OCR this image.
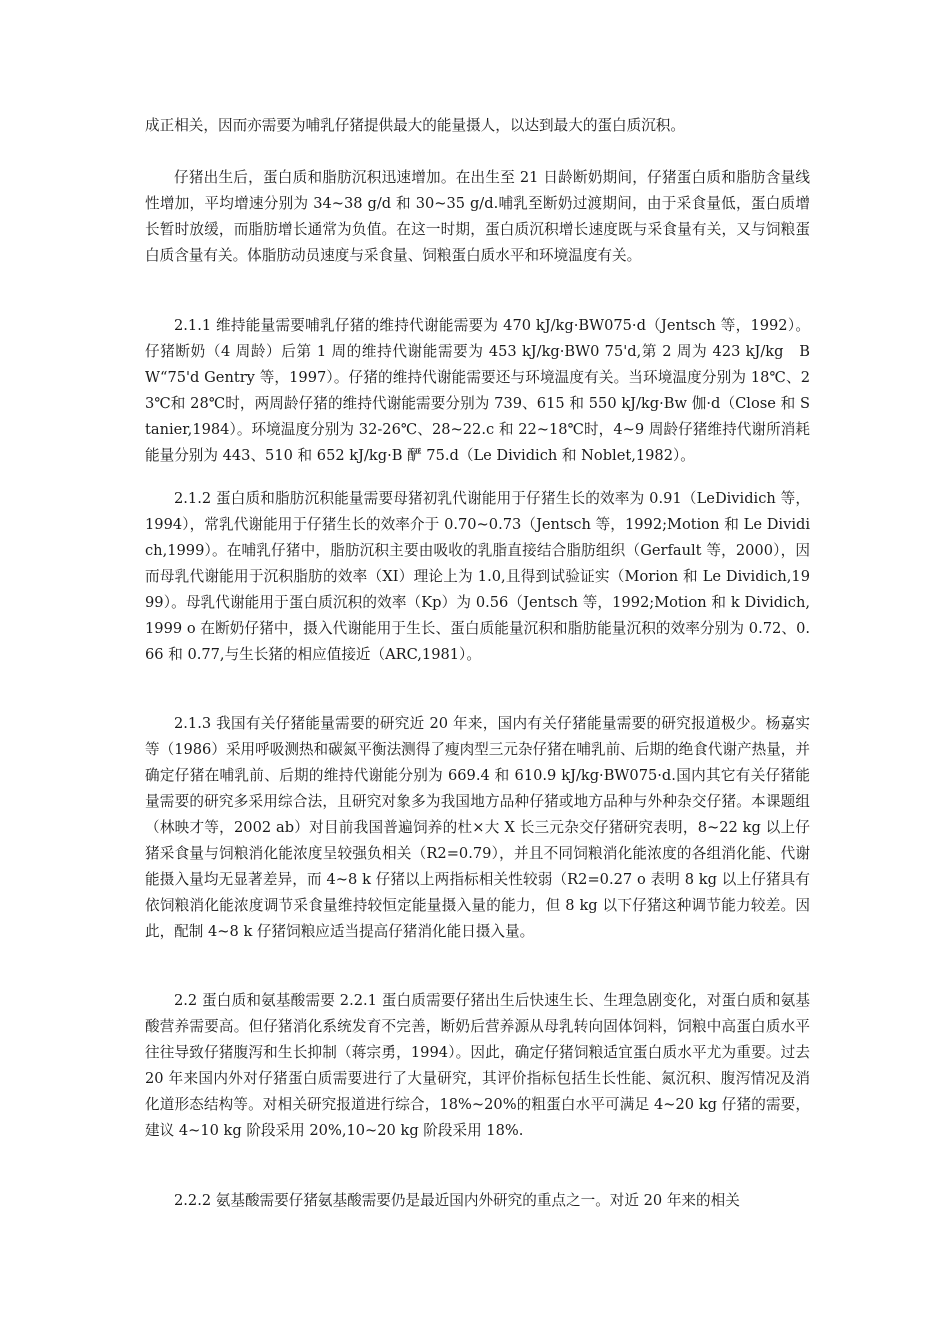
成正相关，因而亦需要为哺乳仔猪提供最大的能量摄人，以达到最大的蛋白质沉积。

仔猪出生后，蛋白质和脂肪沉积迅速增加。在出生至 21 日龄断奶期间，仔猪蛋白质和脂肪含量线性增加，平均增速分别为 34~38 g/d 和 30~35 g/d.哺乳至断奶过渡期间，由于采食量低，蛋白质增长暂时放缓，而脂肪增长通常为负值。在这一时期，蛋白质沉积增长速度既与采食量有关，又与饲粮蛋白质含量有关。体脂肪动员速度与采食量、饲粮蛋白质水平和环境温度有关。

2.1.1 维持能量需要哺乳仔猪的维持代谢能需要为 470 kJ/kg·BW075·d（Jentsch 等，1992）。仔猪断奶（4 周龄）后第 1 周的维持代谢能需要为 453 kJ/kg·BW0 75'd,第 2 周为 423 kJ/kg　BW“75'd Gentry 等，1997）。仔猪的维持代谢能需要还与环境温度有关。当环境温度分别为 18℃、23℃和 28℃时，两周龄仔猪的维持代谢能需要分别为 739、615 和 550 kJ/kg·Bw 伽·d（Close 和 Stanier,1984）。环境温度分别为 32-26℃、28~22.c 和 22~18℃时，4~9 周龄仔猪维持代谢所消耗能量分别为 443、510 和 652 kJ/kg·B 酽 75.d（Le Dividich 和 Noblet,1982）。

2.1.2 蛋白质和脂肪沉积能量需要母猪初乳代谢能用于仔猪生长的效率为 0.91（LeDividich 等，1994），常乳代谢能用于仔猪生长的效率介于 0.70~0.73（Jentsch 等，1992;Motion 和 Le Dividich,1999）。在哺乳仔猪中，脂肪沉积主要由吸收的乳脂直接结合脂肪组织（Gerfault 等，2000），因而母乳代谢能用于沉积脂肪的效率（XI）理论上为 1.0,且得到试验证实（Morion 和 Le Dividich,1999）。母乳代谢能用于蛋白质沉积的效率（Kp）为 0.56（Jentsch 等，1992;Motion 和 k Dividich,1999 o 在断奶仔猪中，摄入代谢能用于生长、蛋白质能量沉积和脂肪能量沉积的效率分别为 0.72、0.66 和 0.77,与生长猪的相应值接近（ARC,1981）。

2.1.3 我国有关仔猪能量需要的研究近 20 年来，国内有关仔猪能量需要的研究报道极少。杨嘉实等（1986）采用呼吸测热和碳氮平衡法测得了瘦肉型三元杂仔猪在哺乳前、后期的绝食代谢产热量，并确定仔猪在哺乳前、后期的维持代谢能分别为 669.4 和 610.9 kJ/kg·BW075·d.国内其它有关仔猪能量需要的研究多采用综合法，且研究对象多为我国地方品种仔猪或地方品种与外种杂交仔猪。本课题组（林映才等，2002 ab）对目前我国普遍饲养的杜×大 X 长三元杂交仔猪研究表明，8~22 kg 以上仔猪采食量与饲粮消化能浓度呈较强负相关（R2=0.79），并且不同饲粮消化能浓度的各组消化能、代谢能摄入量均无显著差异，而 4~8 k 仔猪以上两指标相关性较弱（R2=0.27 o 表明 8 kg 以上仔猪具有依饲粮消化能浓度调节采食量维持较恒定能量摄入量的能力，但 8 kg 以下仔猪这种调节能力较差。因此，配制 4~8 k 仔猪饲粮应适当提高仔猪消化能日摄入量。

2.2 蛋白质和氨基酸需要 2.2.1 蛋白质需要仔猪出生后快速生长、生理急剧变化，对蛋白质和氨基酸营养需要高。但仔猪消化系统发育不完善，断奶后营养源从母乳转向固体饲料，饲粮中高蛋白质水平往往导致仔猪腹泻和生长抑制（蒋宗勇，1994）。因此，确定仔猪饲粮适宜蛋白质水平尤为重要。过去 20 年来国内外对仔猪蛋白质需要进行了大量研究，其评价指标包括生长性能、氮沉积、腹泻情况及消化道形态结构等。对相关研究报道进行综合，18%~20%的粗蛋白水平可满足 4~20 kg 仔猪的需要，建议 4~10 kg 阶段采用 20%,10~20 kg 阶段采用 18%.

2.2.2 氨基酸需要仔猪氨基酸需要仍是最近国内外研究的重点之一。对近 20 年来的相关
